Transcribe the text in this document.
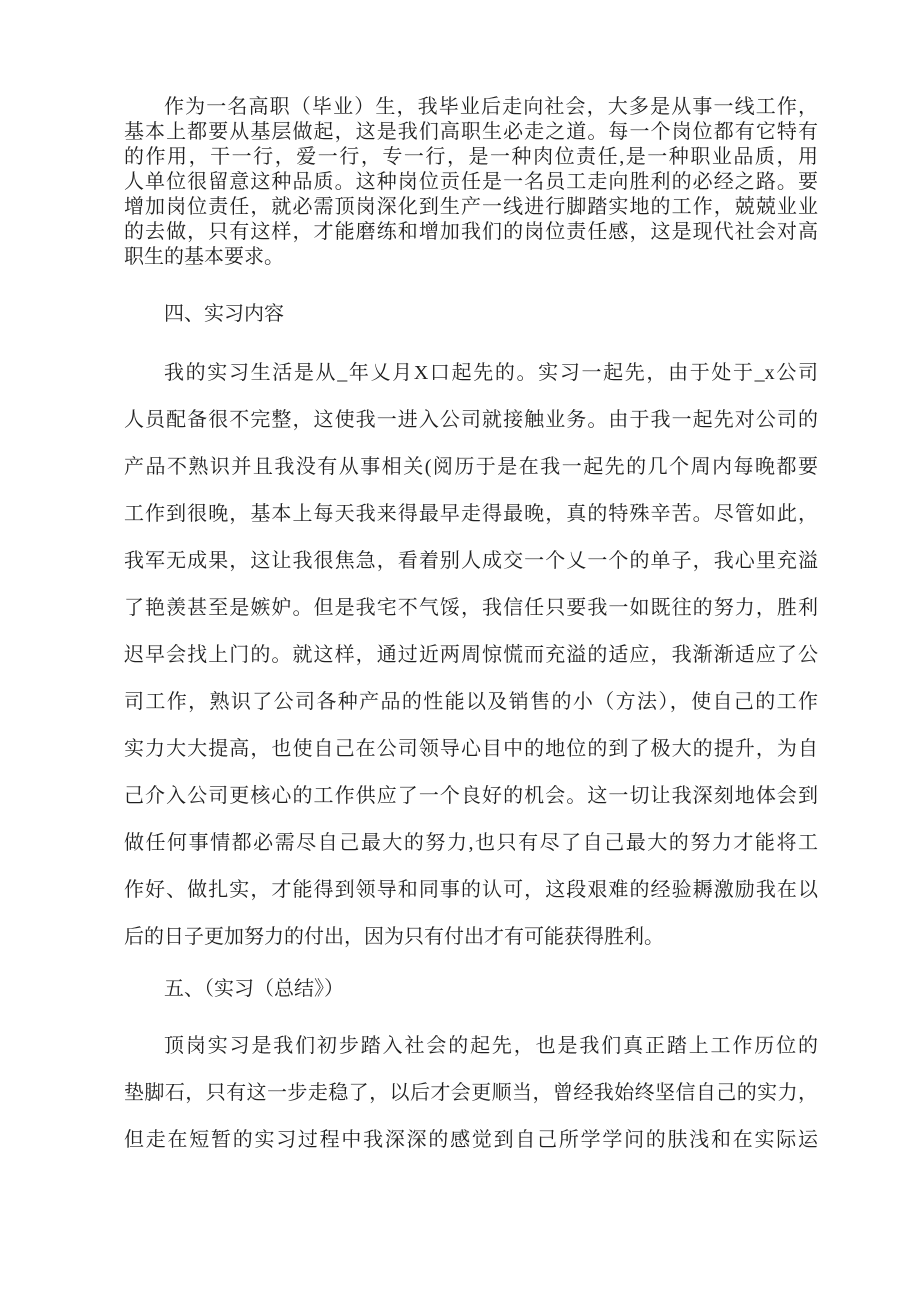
作为一名高职（毕业）生，我毕业后走向社会，大多是从事一线工作，
基本上都要从基层做起，这是我们高职生必走之道。每一个岗位都有它特有
的作用，干一行，爱一行，专一行，是一种肉位责任,是一种职业品质，用
人单位很留意这种品质。这种岗位贡任是一名员工走向胜利的必经之路。要
增加岗位责任，就必需顶岗深化到生产一线进行脚踏实地的工作，兢兢业业
的去做，只有这样，才能磨练和增加我们的岗位责任感，这是现代社会对高
职生的基本要求。
四、实习内容
我的实习生活是从_年乂月X口起先的。实习一起先，由于处于_x公司
人员配备很不完整，这使我一进入公司就接触业务。由于我一起先对公司的
产品不熟识并且我没有从事相关(阅历于是在我一起先的几个周内每晚都要
工作到很晚，基本上每天我来得最早走得最晚，真的特殊辛苦。尽管如此，
我军无成果，这让我很焦急，看着别人成交一个乂一个的单子，我心里充溢
了艳羡甚至是嫉妒。但是我宅不气馁，我信任只要我一如既往的努力，胜利
迟早会找上门的。就这样，通过近两周惊慌而充溢的适应，我渐渐适应了公
司工作，熟识了公司各种产品的性能以及销售的小（方法），使自己的工作
实力大大提高，也使自己在公司领导心目中的地位的到了极大的提升，为自
己介入公司更核心的工作供应了一个良好的机会。这一切让我深刻地体会到
做任何事情都必需尽自己最大的努力,也只有尽了自己最大的努力才能将工
作好、做扎实，才能得到领导和同事的认可，这段艰难的经验耨激励我在以
后的日子更加努力的付出，因为只有付出才有可能获得胜利。
五、（实习（总结》）
顶岗实习是我们初步踏入社会的起先，也是我们真正踏上工作历位的
垫脚石，只有这一步走稳了，以后才会更顺当，曾经我始终坚信自己的实力，
但走在短暂的实习过程中我深深的感觉到自己所学学问的肤浅和在实际运
